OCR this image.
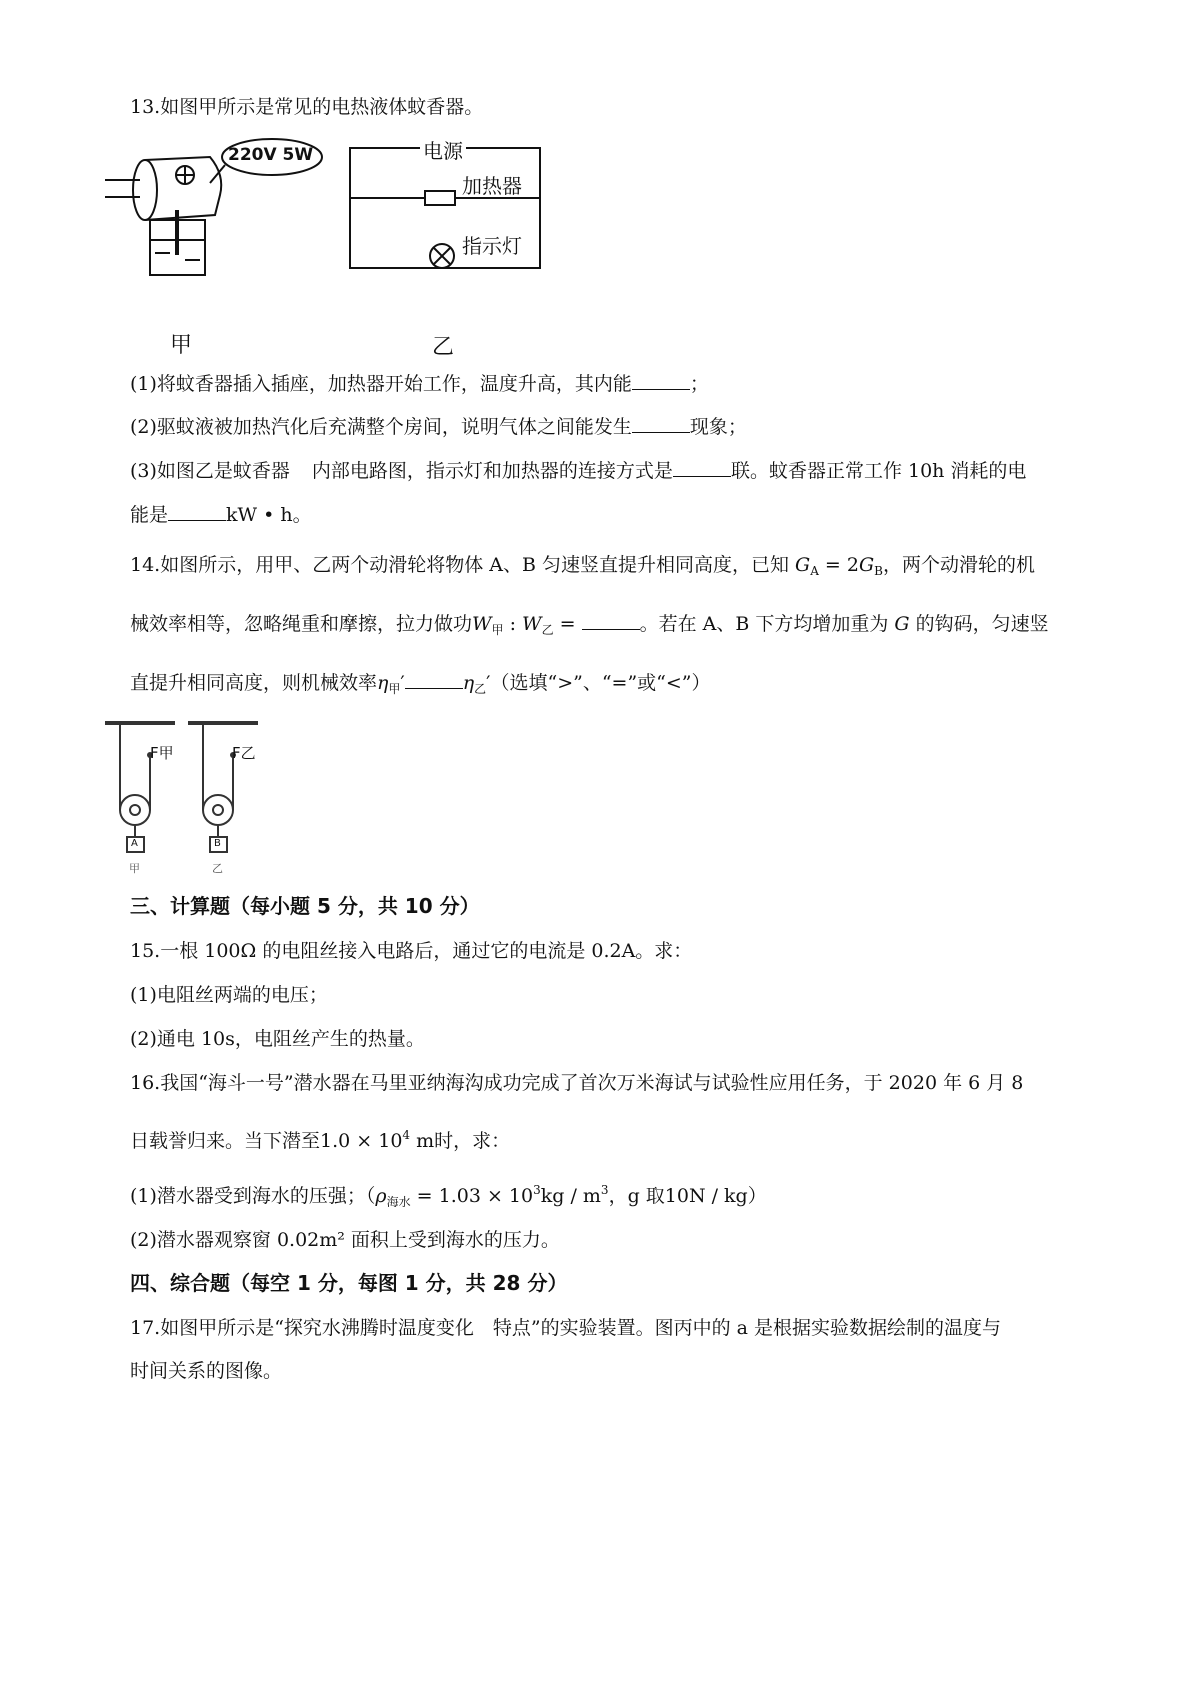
13.如图甲所示是常见的电热液体蚊香器。
220V 5W	电源
加热器
指示灯
甲	乙
(1)将蚊香器插入插座，加热器开始工作，温度升高，其内能	；
(2)驱蚊液被加热汽化后充满整个房间，说明气体之间能发生	现象；
(3)如图乙是蚊香器 内部电路图，指示灯和加热器的连接方式是	联。蚊香器正常工作 10h 消耗的电
能是	kW • h。
14.如图所示，用甲、乙两个动滑轮将物体 A、B 匀速竖直提升相同高度，已知 $G_A = 2G_B$，两个动滑轮的机
械效率相等，忽略绳重和摩擦，拉力做功$W_甲$ : $W_乙$ =	。若在 A、B 下方均增加重为 G 的钩码，匀速竖
直提升相同高度，则机械效率$\eta_甲'$	$\eta_乙'$（选填“>”、“=”或“<”）
F甲	F乙
A	B
甲	乙
三、计算题（每小题 5 分，共 10 分）
15.一根 100Ω 的电阻丝接入电路后，通过它的电流是 0.2A。求：
(1)电阻丝两端的电压；
(2)通电 10s，电阻丝产生的热量。
16.我国“海斗一号”潜水器在马里亚纳海沟成功完成了首次万米海试与试验性应用任务，于 2020 年 6 月 8
日载誉归来。当下潜至$1.0 \times 10^4$ m时，求：
(1)潜水器受到海水的压强；（$\rho_{海水} = 1.03 \times 10^3kg / m^3$，g 取10N / kg）
(2)潜水器观察窗 0.02m² 面积上受到海水的压力。
四、综合题（每空 1 分，每图 1 分，共 28 分）
17.如图甲所示是“探究水沸腾时温度变化　特点”的实验装置。图丙中的 a 是根据实验数据绘制的温度与
时间关系的图像。
